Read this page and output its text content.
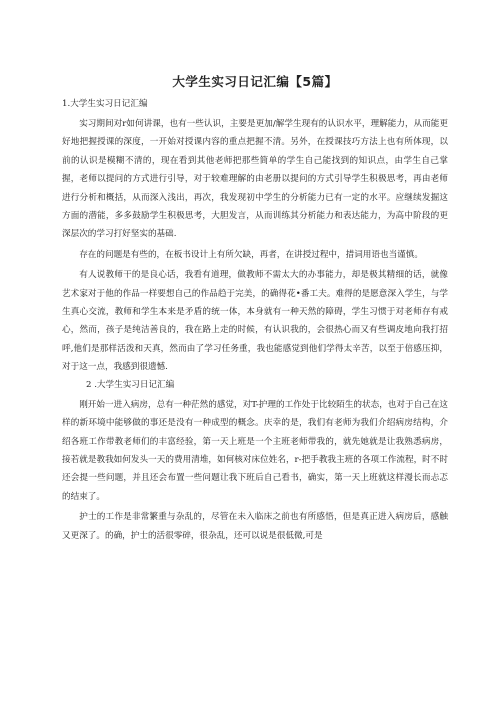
大学生实习日记汇编【5篇】
1.大学生实习日记汇编

实习期间对r如何讲课，也有一些认识，主要是更加/解学生现有的认识水平，理解能力，从而能更好地把握授课的深度，一开始对授课内容的重点把握不清。另外，在授课技巧方法上也有所体现，以前的认识是模糊不清的，现在看到其他老师把那些简单的学生自己能找到的知识点，由学生自己掌握，老师以提问的方式进行引导，对于较难理解的由老册以提问的方式引导学生积极思考，再由老师进行分析和概括，从而深入浅出，再次，我发现初中学生的分析能力已有一定的水平。应继续发掘这方面的潜能，多多鼓励学生积极思考，大胆发言，从而训练其分析能力和表达能力，为高中阶段的更深层次的学习打好坚实的基础.

存在的问题是有些的，在板书设计上有所欠缺，再者，在讲授过程中，措词用语也当谨慎。

有人说教师干的是良心话，我看有道理，做教师不需太大的办事能力，却是极其精细的话，就像艺术家对于他的作品一样要想自己的作品趋于完美，的确得花•番工夫。难得的是愿意深入学生，与学生真心交流，教师和学生本来是矛盾的统一体，本身就有一种天然的障碍，学生习惯于对老师存有戒心，然而，孩子是纯洁善良的，我在路上走的时候，有认识我的，会很热心而又有些调皮地向我打招呼,他们是那样活泼和天真，然而由了学习任务重，我也能感觉到他们学得太辛苦，以至于倍感压抑，对于这一点，我感到很遗憾.

2 .大学生实习日记汇编

刚开始一进入病房，总有一种茫然的感觉，对T-护理的工作处于比较陌生的状态，也对于自己在这样的新环境中能够做的事还是没有一种成型的概念。庆幸的是，我们有老师为我们介绍病房结构，介绍各班工作带教老师们的丰富经验，第一天上班是一个主班老师带我的，就先她就是让我熟悉病房，接若就是教我如何发头一天的费用清堆，如何核对床位姓名，r-把手教我主班的各项工作流程，时不时还会提一些问题，并且还会布置一些问题让我下班后自己看书，确实，第一天上班就这样漫长而忐忑的结束了。

护士的工作是非常繁重与杂乱的，尽管在未入临床之前也有所感悟，但是真正进入病房后，感触又更深了。的确，护士的活很零碎，很杂乱，还可以说是很低微,可是
